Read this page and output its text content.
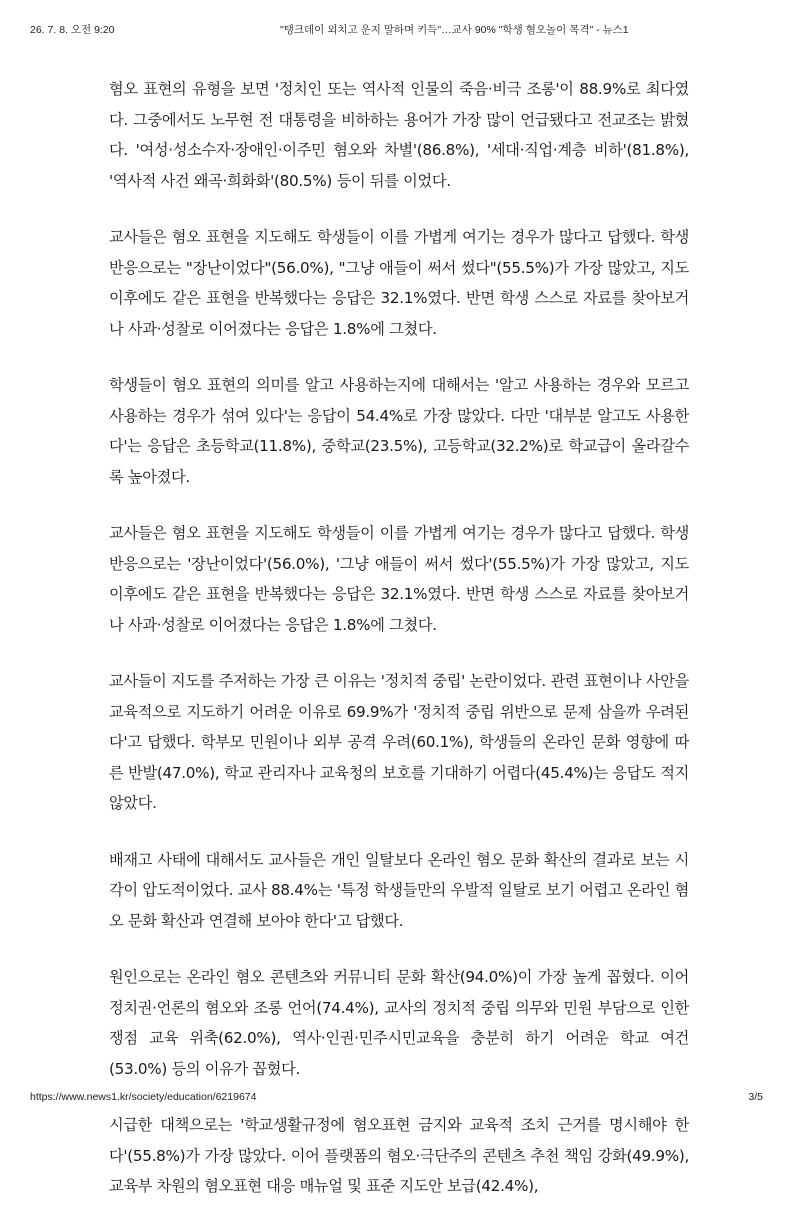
26. 7. 8. 오전 9:20	"탱크데이 외치고 운지 말하며 키득"…교사 90% "학생 혐오놀이 목격" - 뉴스1

혐오 표현의 유형을 보면 '정치인 또는 역사적 인물의 죽음·비극 조롱'이 88.9%로 최다였다. 그중에서도 노무현 전 대통령을 비하하는 용어가 가장 많이 언급됐다고 전교조는 밝혔다. '여성·성소수자·장애인·이주민 혐오와 차별'(86.8%), '세대·직업·계층 비하'(81.8%), '역사적 사건 왜곡·희화화'(80.5%) 등이 뒤를 이었다.

교사들은 혐오 표현을 지도해도 학생들이 이를 가볍게 여기는 경우가 많다고 답했다. 학생 반응으로는 "장난이었다"(56.0%), "그냥 애들이 써서 썼다"(55.5%)가 가장 많았고, 지도 이후에도 같은 표현을 반복했다는 응답은 32.1%였다. 반면 학생 스스로 자료를 찾아보거나 사과·성찰로 이어졌다는 응답은 1.8%에 그쳤다.

학생들이 혐오 표현의 의미를 알고 사용하는지에 대해서는 '알고 사용하는 경우와 모르고 사용하는 경우가 섞여 있다'는 응답이 54.4%로 가장 많았다. 다만 '대부분 알고도 사용한다'는 응답은 초등학교(11.8%), 중학교(23.5%), 고등학교(32.2%)로 학교급이 올라갈수록 높아졌다.

교사들은 혐오 표현을 지도해도 학생들이 이를 가볍게 여기는 경우가 많다고 답했다. 학생 반응으로는 '장난이었다'(56.0%), '그냥 애들이 써서 썼다'(55.5%)가 가장 많았고, 지도 이후에도 같은 표현을 반복했다는 응답은 32.1%였다. 반면 학생 스스로 자료를 찾아보거나 사과·성찰로 이어졌다는 응답은 1.8%에 그쳤다.

교사들이 지도를 주저하는 가장 큰 이유는 '정치적 중립' 논란이었다. 관련 표현이나 사안을 교육적으로 지도하기 어려운 이유로 69.9%가 '정치적 중립 위반으로 문제 삼을까 우려된다'고 답했다. 학부모 민원이나 외부 공격 우려(60.1%), 학생들의 온라인 문화 영향에 따른 반발(47.0%), 학교 관리자나 교육청의 보호를 기대하기 어렵다(45.4%)는 응답도 적지 않았다.

배재고 사태에 대해서도 교사들은 개인 일탈보다 온라인 혐오 문화 확산의 결과로 보는 시각이 압도적이었다. 교사 88.4%는 '특정 학생들만의 우발적 일탈로 보기 어렵고 온라인 혐오 문화 확산과 연결해 보아야 한다'고 답했다.

원인으로는 온라인 혐오 콘텐츠와 커뮤니티 문화 확산(94.0%)이 가장 높게 꼽혔다. 이어 정치권·언론의 혐오와 조롱 언어(74.4%), 교사의 정치적 중립 의무와 민원 부담으로 인한 쟁점 교육 위축(62.0%), 역사·인권·민주시민교육을 충분히 하기 어려운 학교 여건(53.0%) 등의 이유가 꼽혔다.

시급한 대책으로는 '학교생활규정에 혐오표현 금지와 교육적 조치 근거를 명시해야 한다'(55.8%)가 가장 많았다. 이어 플랫폼의 혐오·극단주의 콘텐츠 추천 책임 강화(49.9%), 교육부 차원의 혐오표현 대응 매뉴얼 및 표준 지도안 보급(42.4%),

https://www.news1.kr/society/education/6219674	3/5
